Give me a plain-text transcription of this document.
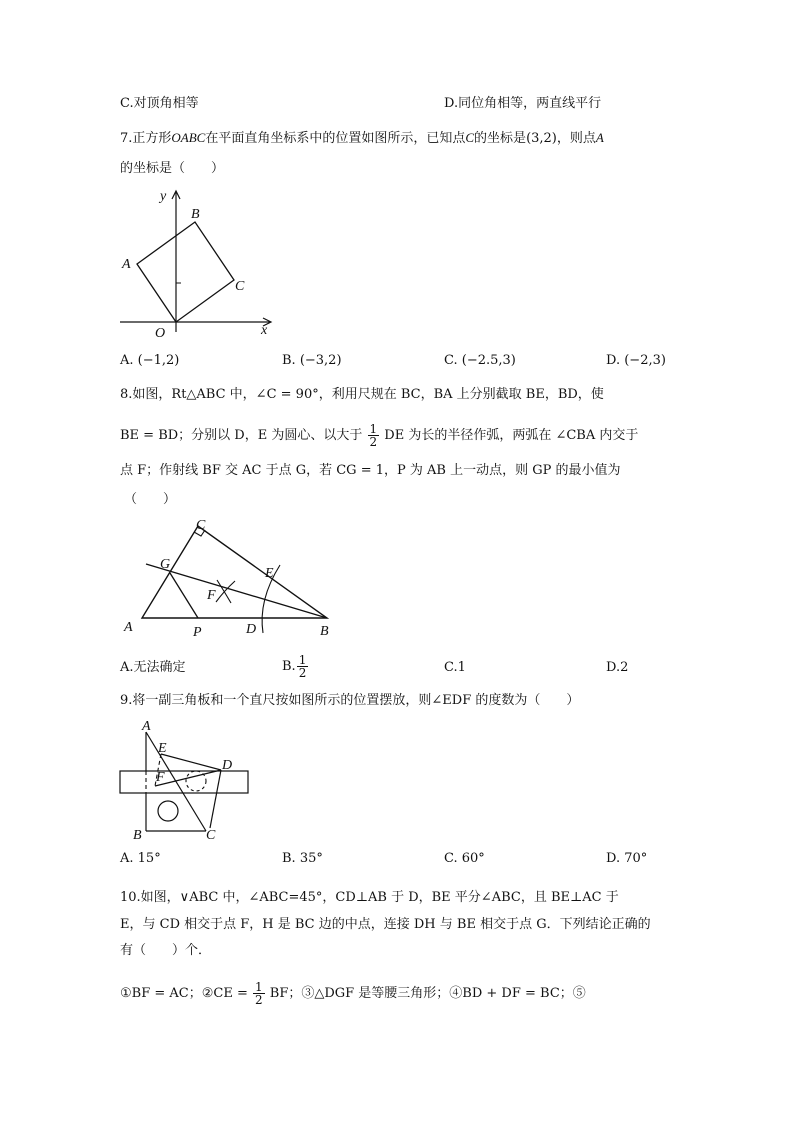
C.对顶角相等	D.同位角相等，两直线平行
7.正方形OABC在平面直角坐标系中的位置如图所示，已知点C的坐标是(3,2)，则点A
的坐标是（　　）
y
x
O
A
B
C
A. (−1,2)	B. (−3,2)	C. (−2.5,3)	D. (−2,3)
8.如图，Rt△ABC 中，∠C = 90°，利用尺规在 BC，BA 上分别截取 BE，BD，使
BE = BD；分别以 D，E 为圆心、以大于 $\frac{1}{2}$ DE 为长的半径作弧，两弧在 ∠CBA 内交于
点 F；作射线 BF 交 AC 于点 G，若 CG = 1，P 为 AB 上一动点，则 GP 的最小值为
（　　）
A	B
C
D
E
F
G
P
A.无法确定	B. $\frac{1}{2}$	C.1	D.2
9.将一副三角板和一个直尺按如图所示的位置摆放，则∠EDF 的度数为（　　）
A
E
D
F
B	C
A. 15°	B. 35°	C. 60°	D. 70°
10.如图，∨ABC 中，∠ABC=45°，CD⊥AB 于 D，BE 平分∠ABC，且 BE⊥AC 于
E，与 CD 相交于点 F，H 是 BC 边的中点，连接 DH 与 BE 相交于点 G．下列结论正确的
有（　　）个．
①BF = AC；②CE = $\frac{1}{2}$ BF；③△DGF 是等腰三角形；④BD + DF = BC；⑤
